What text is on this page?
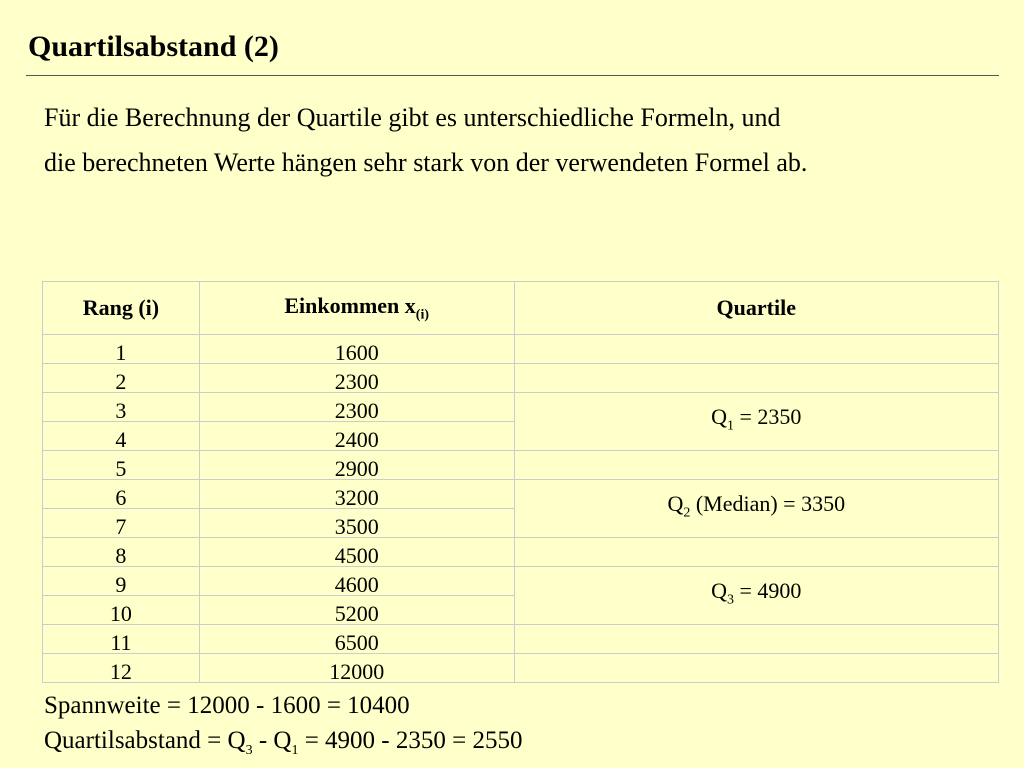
Quartilsabstand (2)

Für die Berechnung der Quartile gibt es unterschiedliche Formeln, und
die berechneten Werte hängen sehr stark von der verwendeten Formel ab.

Rang (i)	Einkommen $x_{(i)}$	Quartile
1	1600	
2	2300	
3	2300	$Q_1 = 2350$
4	2400	
5	2900	
6	3200	$Q_2$ (Median) = 3350
7	3500	
8	4500	
9	4600	$Q_3 = 4900$
10	5200	
11	6500	
12	12000	

Spannweite = 12000 - 1600 = 10400
Quartilsabstand = $Q_3 - Q_1 = 4900 - 2350 = 2550$
